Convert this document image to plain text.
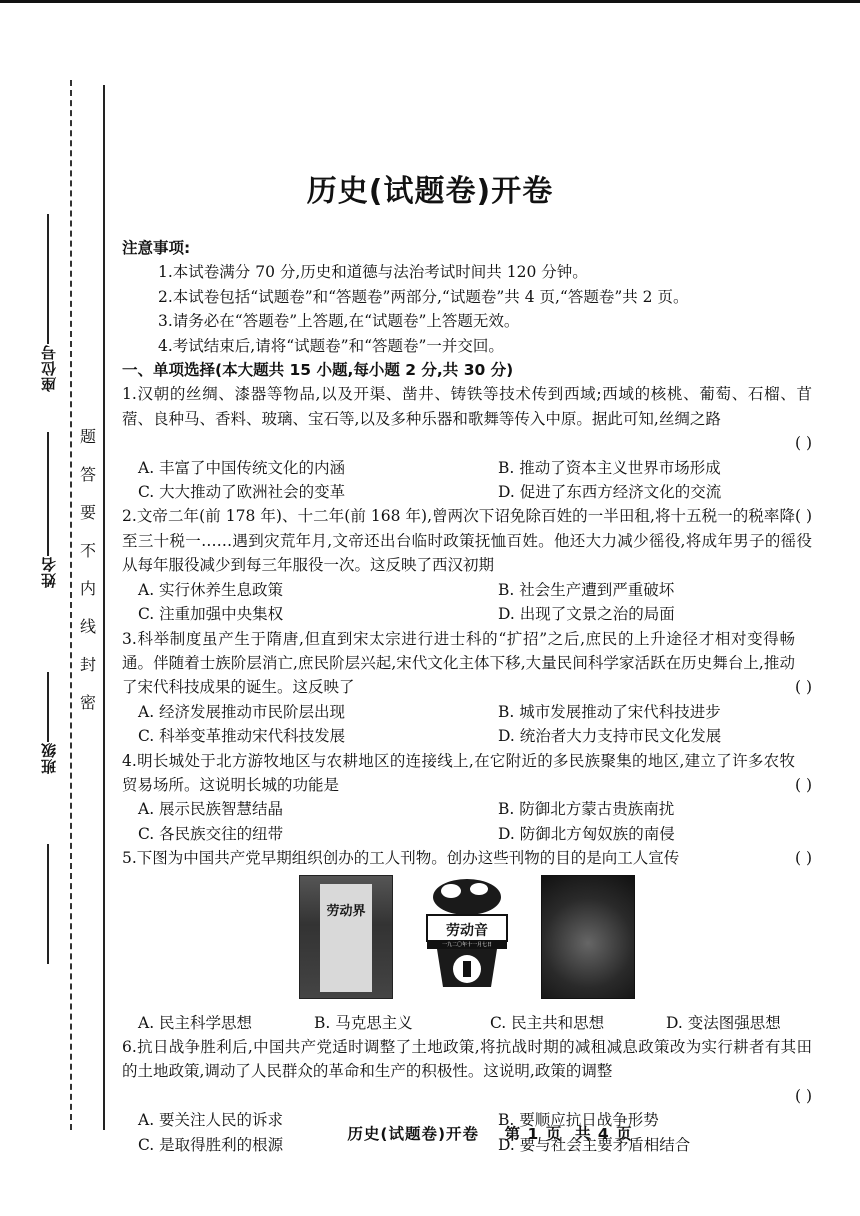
座位号
姓名
班级
题
答
要
不
内
线
封
密
历史(试题卷)开卷
注意事项:
1.本试卷满分 70 分,历史和道德与法治考试时间共 120 分钟。
2.本试卷包括“试题卷”和“答题卷”两部分,“试题卷”共 4 页,“答题卷”共 2 页。
3.请务必在“答题卷”上答题,在“试题卷”上答题无效。
4.考试结束后,请将“试题卷”和“答题卷”一并交回。
一、单项选择(本大题共 15 小题,每小题 2 分,共 30 分)
1.汉朝的丝绸、漆器等物品,以及开渠、凿井、铸铁等技术传到西域;西域的核桃、葡萄、石榴、苜蓿、良种马、香料、玻璃、宝石等,以及多种乐器和歌舞等传入中原。据此可知,丝绸之路
( )
A. 丰富了中国传统文化的内涵	B. 推动了资本主义世界市场形成
C. 大大推动了欧洲社会的变革	D. 促进了东西方经济文化的交流
( )
2.文帝二年(前 178 年)、十二年(前 168 年),曾两次下诏免除百姓的一半田租,将十五税一的税率降至三十税一……遇到灾荒年月,文帝还出台临时政策抚恤百姓。他还大力减少徭役,将成年男子的徭役从每年服役减少到每三年服役一次。这反映了西汉初期
A. 实行休养生息政策	B. 社会生产遭到严重破坏
C. 注重加强中央集权	D. 出现了文景之治的局面
( )
3.科举制度虽产生于隋唐,但直到宋太宗进行进士科的“扩招”之后,庶民的上升途径才相对变得畅通。伴随着士族阶层消亡,庶民阶层兴起,宋代文化主体下移,大量民间科学家活跃在历史舞台上,推动了宋代科技成果的诞生。这反映了
A. 经济发展推动市民阶层出现	B. 城市发展推动了宋代科技进步
C. 科举变革推动宋代科技发展	D. 统治者大力支持市民文化发展
( )
4.明长城处于北方游牧地区与农耕地区的连接线上,在它附近的多民族聚集的地区,建立了许多农牧贸易场所。这说明长城的功能是
A. 展示民族智慧结晶	B. 防御北方蒙古贵族南扰
C. 各民族交往的纽带	D. 防御北方匈奴族的南侵
( )
5.下图为中国共产党早期组织创办的工人刊物。创办这些刊物的目的是向工人宣传
劳动界
劳动音
一九二〇年十一月七日
A. 民主科学思想	B. 马克思主义	C. 民主共和思想	D. 变法图强思想
6.抗日战争胜利后,中国共产党适时调整了土地政策,将抗战时期的减租减息政策改为实行耕者有其田的土地政策,调动了人民群众的革命和生产的积极性。这说明,政策的调整
( )
A. 要关注人民的诉求	B. 要顺应抗日战争形势
C. 是取得胜利的根源	D. 要与社会主要矛盾相结合
历史(试题卷)开卷    第 1 页  共 4 页
